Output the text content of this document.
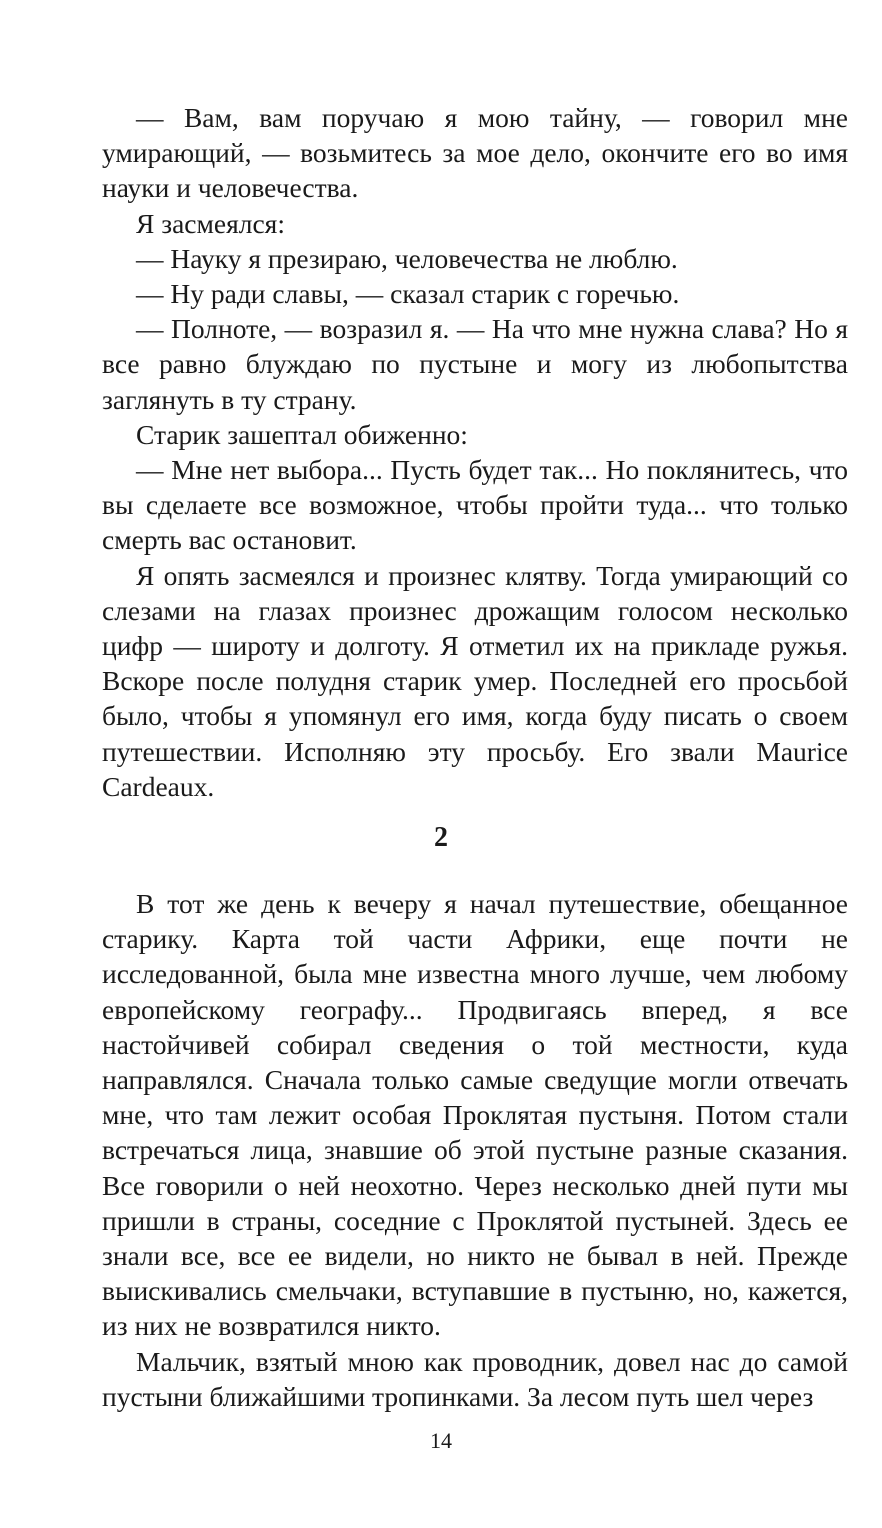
— Вам, вам поручаю я мою тайну, — говорил мне умирающий, — возьмитесь за мое дело, окончите его во имя науки и человечества.

Я засмеялся:

— Науку я презираю, человечества не люблю.

— Ну ради славы, — сказал старик с горечью.

— Полноте, — возразил я. — На что мне нужна слава? Но я все равно блуждаю по пустыне и могу из любопытства заглянуть в ту страну.

Старик зашептал обиженно:

— Мне нет выбора... Пусть будет так... Но поклянитесь, что вы сделаете все возможное, чтобы пройти туда... что только смерть вас остановит.

Я опять засмеялся и произнес клятву. Тогда умирающий со слезами на глазах произнес дрожащим голосом несколько цифр — широту и долготу. Я отметил их на прикладе ружья. Вскоре после полудня старик умер. Последней его просьбой было, чтобы я упомянул его имя, когда буду писать о своем путешествии. Исполняю эту просьбу. Его звали Maurice Cardeaux.

2

В тот же день к вечеру я начал путешествие, обещанное старику. Карта той части Африки, еще почти не исследованной, была мне известна много лучше, чем любому европейскому географу... Продвигаясь вперед, я все настойчивей собирал сведения о той местности, куда направлялся. Сначала только самые сведущие могли отвечать мне, что там лежит особая Проклятая пустыня. Потом стали встречаться лица, знавшие об этой пустыне разные сказания. Все говорили о ней неохотно. Через несколько дней пути мы пришли в страны, соседние с Проклятой пустыней. Здесь ее знали все, все ее видели, но никто не бывал в ней. Прежде выискивались смельчаки, вступавшие в пустыню, но, кажется, из них не возвратился никто.

Мальчик, взятый мною как проводник, довел нас до самой пустыни ближайшими тропинками. За лесом путь шел через

14
